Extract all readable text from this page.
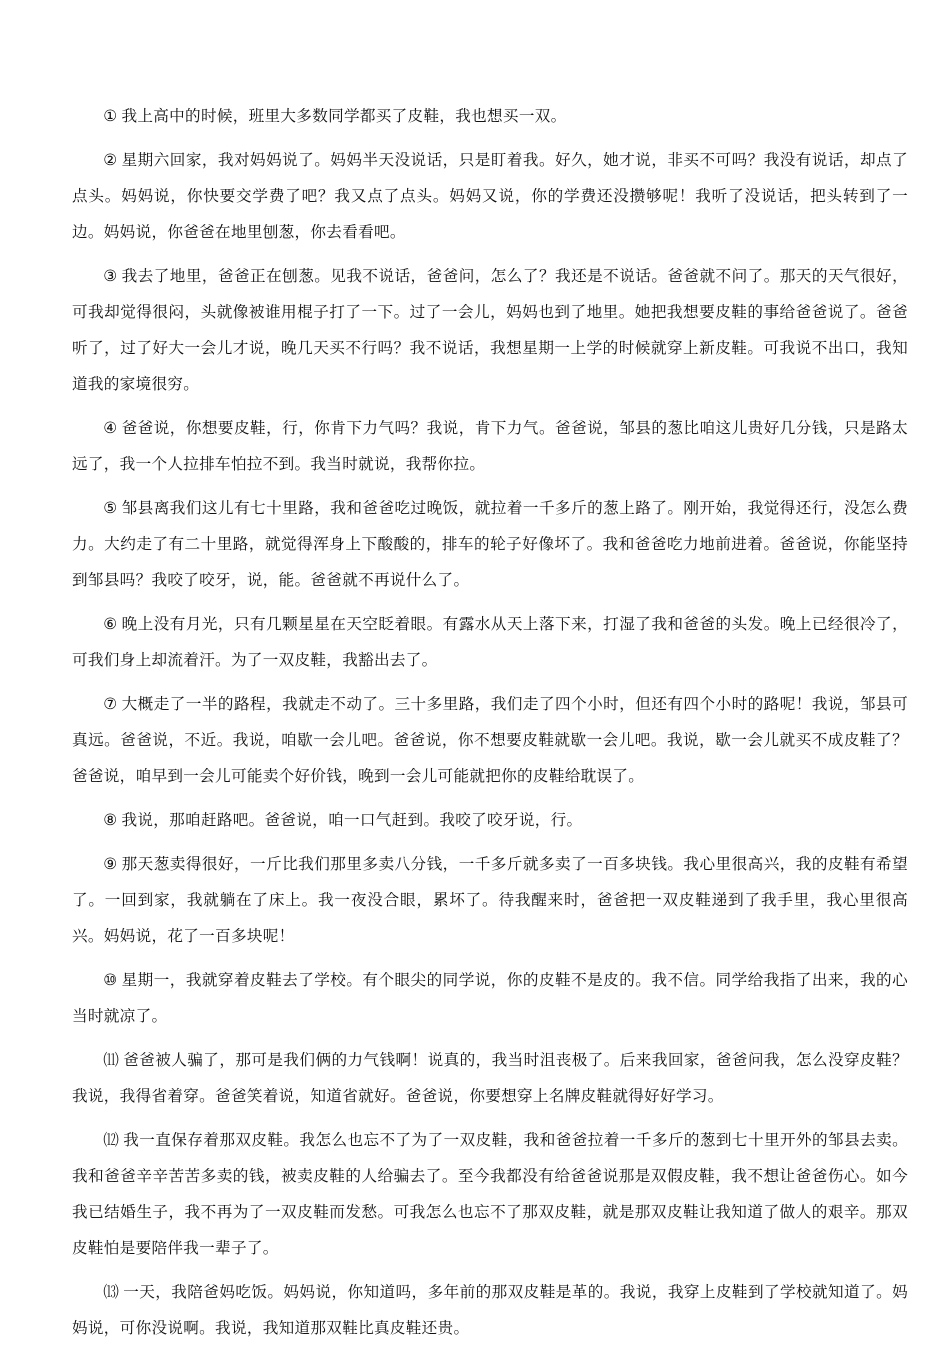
① 我上高中的时候，班里大多数同学都买了皮鞋，我也想买一双。

② 星期六回家，我对妈妈说了。妈妈半天没说话，只是盯着我。好久，她才说，非买不可吗？我没有说话，却点了点头。妈妈说，你快要交学费了吧？我又点了点头。妈妈又说，你的学费还没攒够呢！我听了没说话，把头转到了一边。妈妈说，你爸爸在地里刨葱，你去看看吧。

③ 我去了地里，爸爸正在刨葱。见我不说话，爸爸问，怎么了？我还是不说话。爸爸就不问了。那天的天气很好，可我却觉得很闷，头就像被谁用棍子打了一下。过了一会儿，妈妈也到了地里。她把我想要皮鞋的事给爸爸说了。爸爸听了，过了好大一会儿才说，晚几天买不行吗？我不说话，我想星期一上学的时候就穿上新皮鞋。可我说不出口，我知道我的家境很穷。

④ 爸爸说，你想要皮鞋，行，你肯下力气吗？我说，肯下力气。爸爸说，邹县的葱比咱这儿贵好几分钱，只是路太远了，我一个人拉排车怕拉不到。我当时就说，我帮你拉。

⑤ 邹县离我们这儿有七十里路，我和爸爸吃过晚饭，就拉着一千多斤的葱上路了。刚开始，我觉得还行，没怎么费力。大约走了有二十里路，就觉得浑身上下酸酸的，排车的轮子好像坏了。我和爸爸吃力地前进着。爸爸说，你能坚持到邹县吗？我咬了咬牙，说，能。爸爸就不再说什么了。

⑥ 晚上没有月光，只有几颗星星在天空眨着眼。有露水从天上落下来，打湿了我和爸爸的头发。晚上已经很冷了，可我们身上却流着汗。为了一双皮鞋，我豁出去了。

⑦ 大概走了一半的路程，我就走不动了。三十多里路，我们走了四个小时，但还有四个小时的路呢！我说，邹县可真远。爸爸说，不近。我说，咱歇一会儿吧。爸爸说，你不想要皮鞋就歇一会儿吧。我说，歇一会儿就买不成皮鞋了？爸爸说，咱早到一会儿可能卖个好价钱，晚到一会儿可能就把你的皮鞋给耽误了。

⑧ 我说，那咱赶路吧。爸爸说，咱一口气赶到。我咬了咬牙说，行。

⑨ 那天葱卖得很好，一斤比我们那里多卖八分钱，一千多斤就多卖了一百多块钱。我心里很高兴，我的皮鞋有希望了。一回到家，我就躺在了床上。我一夜没合眼，累坏了。待我醒来时，爸爸把一双皮鞋递到了我手里，我心里很高兴。妈妈说，花了一百多块呢！

⑩ 星期一，我就穿着皮鞋去了学校。有个眼尖的同学说，你的皮鞋不是皮的。我不信。同学给我指了出来，我的心当时就凉了。

⑾ 爸爸被人骗了，那可是我们俩的力气钱啊！说真的，我当时沮丧极了。后来我回家，爸爸问我，怎么没穿皮鞋？我说，我得省着穿。爸爸笑着说，知道省就好。爸爸说，你要想穿上名牌皮鞋就得好好学习。

⑿ 我一直保存着那双皮鞋。我怎么也忘不了为了一双皮鞋，我和爸爸拉着一千多斤的葱到七十里开外的邹县去卖。我和爸爸辛辛苦苦多卖的钱，被卖皮鞋的人给骗去了。至今我都没有给爸爸说那是双假皮鞋，我不想让爸爸伤心。如今我已结婚生子，我不再为了一双皮鞋而发愁。可我怎么也忘不了那双皮鞋，就是那双皮鞋让我知道了做人的艰辛。那双皮鞋怕是要陪伴我一辈子了。

⒀ 一天，我陪爸妈吃饭。妈妈说，你知道吗，多年前的那双皮鞋是革的。我说，我穿上皮鞋到了学校就知道了。妈妈说，可你没说啊。我说，我知道那双鞋比真皮鞋还贵。
